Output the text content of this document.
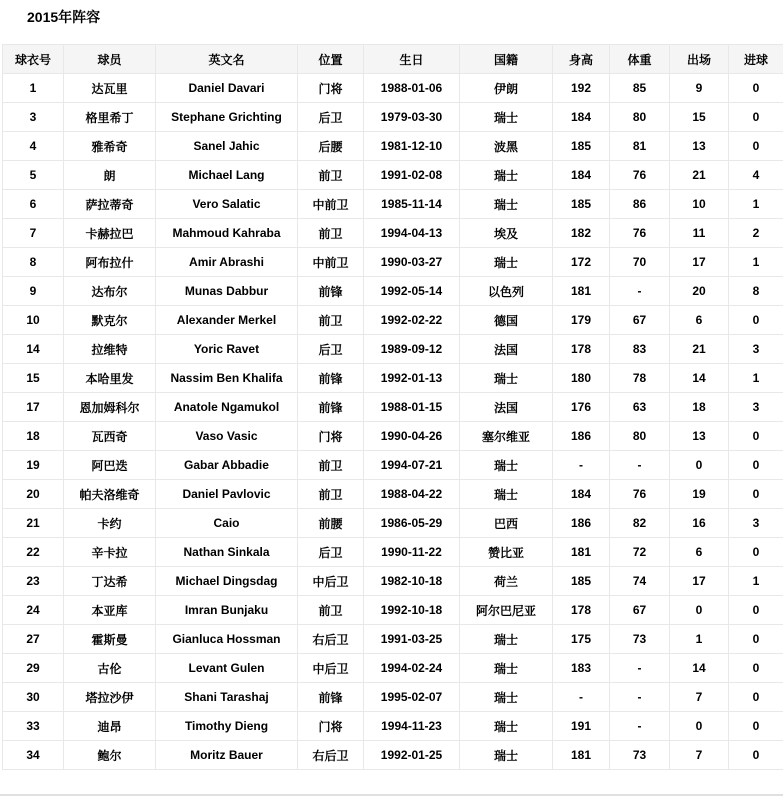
2015年阵容
球衣号	球员	英文名	位置	生日	国籍	身高	体重	出场	进球
1	达瓦里	Daniel Davari	门将	1988-01-06	伊朗	192	85	9	0
3	格里希丁	Stephane Grichting	后卫	1979-03-30	瑞士	184	80	15	0
4	雅希奇	Sanel Jahic	后腰	1981-12-10	波黑	185	81	13	0
5	朗	Michael Lang	前卫	1991-02-08	瑞士	184	76	21	4
6	萨拉蒂奇	Vero Salatic	中前卫	1985-11-14	瑞士	185	86	10	1
7	卡赫拉巴	Mahmoud Kahraba	前卫	1994-04-13	埃及	182	76	11	2
8	阿布拉什	Amir Abrashi	中前卫	1990-03-27	瑞士	172	70	17	1
9	达布尔	Munas Dabbur	前锋	1992-05-14	以色列	181	-	20	8
10	默克尔	Alexander Merkel	前卫	1992-02-22	德国	179	67	6	0
14	拉维特	Yoric Ravet	后卫	1989-09-12	法国	178	83	21	3
15	本哈里发	Nassim Ben Khalifa	前锋	1992-01-13	瑞士	180	78	14	1
17	恩加姆科尔	Anatole Ngamukol	前锋	1988-01-15	法国	176	63	18	3
18	瓦西奇	Vaso Vasic	门将	1990-04-26	塞尔维亚	186	80	13	0
19	阿巴迭	Gabar Abbadie	前卫	1994-07-21	瑞士	-	-	0	0
20	帕夫洛维奇	Daniel Pavlovic	前卫	1988-04-22	瑞士	184	76	19	0
21	卡约	Caio	前腰	1986-05-29	巴西	186	82	16	3
22	辛卡拉	Nathan Sinkala	后卫	1990-11-22	赞比亚	181	72	6	0
23	丁达希	Michael Dingsdag	中后卫	1982-10-18	荷兰	185	74	17	1
24	本亚库	Imran Bunjaku	前卫	1992-10-18	阿尔巴尼亚	178	67	0	0
27	霍斯曼	Gianluca Hossman	右后卫	1991-03-25	瑞士	175	73	1	0
29	古伦	Levant Gulen	中后卫	1994-02-24	瑞士	183	-	14	0
30	塔拉沙伊	Shani Tarashaj	前锋	1995-02-07	瑞士	-	-	7	0
33	迪昂	Timothy Dieng	门将	1994-11-23	瑞士	191	-	0	0
34	鲍尔	Moritz Bauer	右后卫	1992-01-25	瑞士	181	73	7	0
